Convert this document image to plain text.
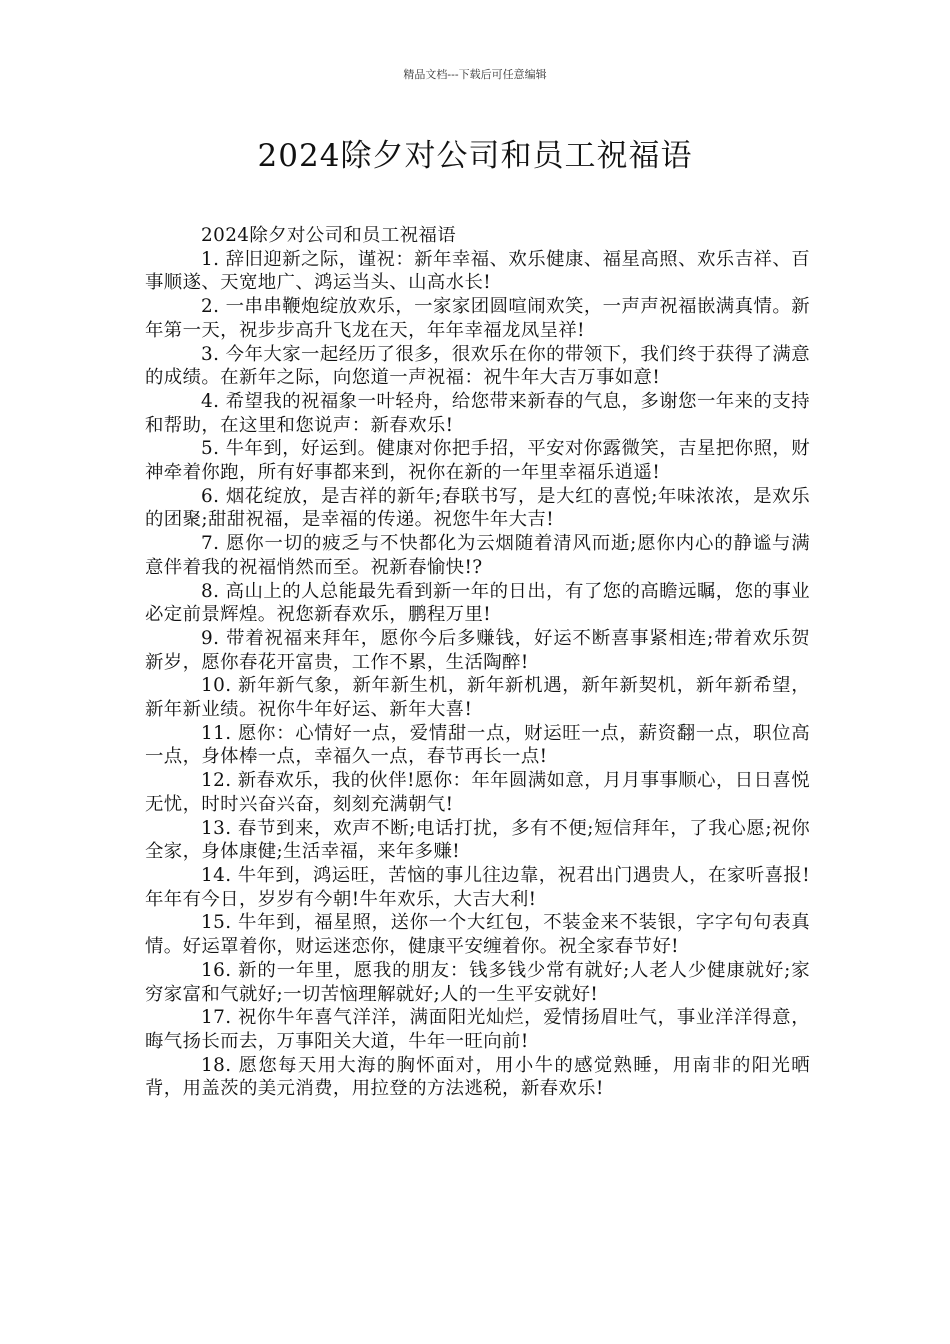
精品文档---下载后可任意编辑
2024除夕对公司和员工祝福语

2024除夕对公司和员工祝福语

1. 辞旧迎新之际，谨祝：新年幸福、欢乐健康、福星高照、欢乐吉祥、百事顺遂、天宽地广、鸿运当头、山高水长!

2. 一串串鞭炮绽放欢乐，一家家团圆喧闹欢笑，一声声祝福嵌满真情。新年第一天，祝步步高升飞龙在天，年年幸福龙凤呈祥!

3. 今年大家一起经历了很多，很欢乐在你的带领下，我们终于获得了满意的成绩。在新年之际，向您道一声祝福：祝牛年大吉万事如意!

4. 希望我的祝福象一叶轻舟，给您带来新春的气息，多谢您一年来的支持和帮助，在这里和您说声：新春欢乐!

5. 牛年到，好运到。健康对你把手招，平安对你露微笑，吉星把你照，财神牵着你跑，所有好事都来到，祝你在新的一年里幸福乐逍遥!

6. 烟花绽放，是吉祥的新年;春联书写，是大红的喜悦;年味浓浓，是欢乐的团聚;甜甜祝福，是幸福的传递。祝您牛年大吉!

7. 愿你一切的疲乏与不快都化为云烟随着清风而逝;愿你内心的静谧与满意伴着我的祝福悄然而至。祝新春愉快!?

8. 高山上的人总能最先看到新一年的日出，有了您的高瞻远瞩，您的事业必定前景辉煌。祝您新春欢乐，鹏程万里!

9. 带着祝福来拜年，愿你今后多赚钱，好运不断喜事紧相连;带着欢乐贺新岁，愿你春花开富贵，工作不累，生活陶醉!

10. 新年新气象，新年新生机，新年新机遇，新年新契机，新年新希望，新年新业绩。祝你牛年好运、新年大喜!

11. 愿你：心情好一点，爱情甜一点，财运旺一点，薪资翻一点，职位高一点，身体棒一点，幸福久一点，春节再长一点!

12. 新春欢乐，我的伙伴!愿你：年年圆满如意，月月事事顺心，日日喜悦无忧，时时兴奋兴奋，刻刻充满朝气!

13. 春节到来，欢声不断;电话打扰，多有不便;短信拜年，了我心愿;祝你全家，身体康健;生活幸福，来年多赚!

14. 牛年到，鸿运旺，苦恼的事儿往边靠，祝君出门遇贵人，在家听喜报!年年有今日，岁岁有今朝!牛年欢乐，大吉大利!

15. 牛年到，福星照，送你一个大红包，不装金来不装银，字字句句表真情。好运罩着你，财运迷恋你，健康平安缠着你。祝全家春节好!

16. 新的一年里，愿我的朋友：钱多钱少常有就好;人老人少健康就好;家穷家富和气就好;一切苦恼理解就好;人的一生平安就好!

17. 祝你牛年喜气洋洋，满面阳光灿烂，爱情扬眉吐气，事业洋洋得意，晦气扬长而去，万事阳关大道，牛年一旺向前!

18. 愿您每天用大海的胸怀面对，用小牛的感觉熟睡，用南非的阳光晒背，用盖茨的美元消费，用拉登的方法逃税，新春欢乐!
